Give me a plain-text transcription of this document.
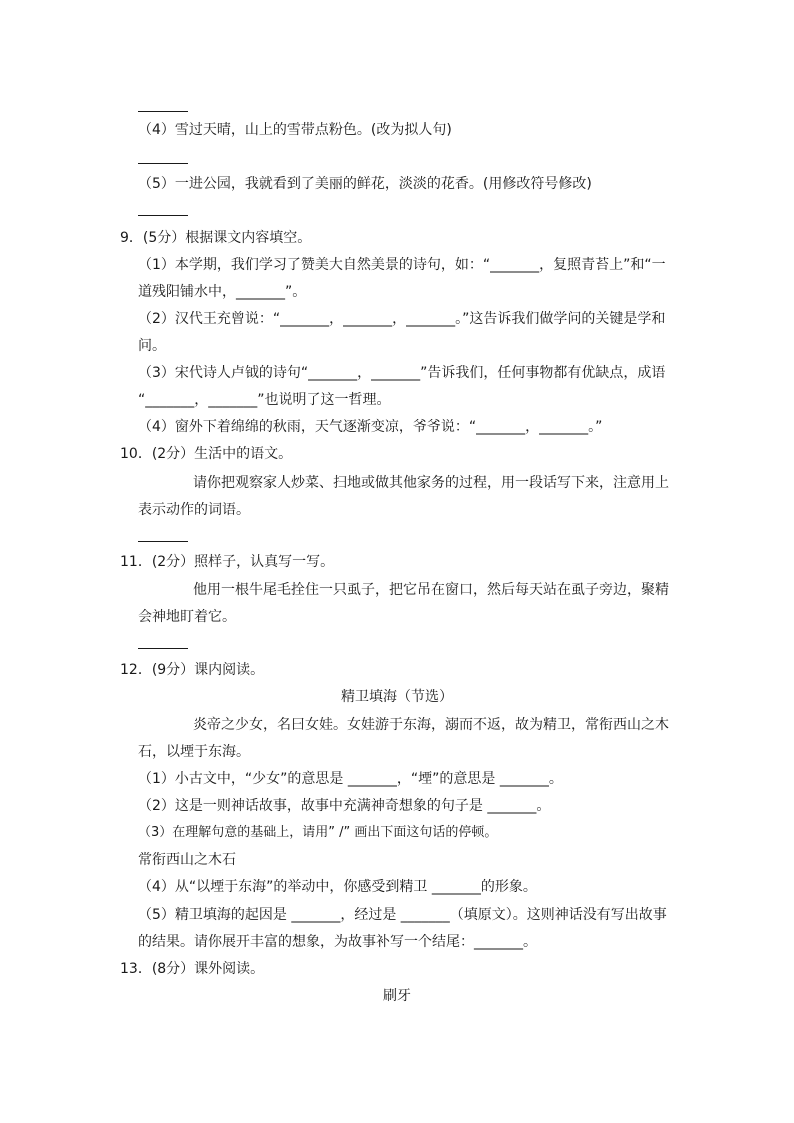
（4）雪过天晴，山上的雪带点粉色。(改为拟人句)
（5）一进公园，我就看到了美丽的鲜花，淡淡的花香。(用修改符号修改)
9．(5分）根据课文内容填空。
（1）本学期，我们学习了赞美大自然美景的诗句，如：“_______，复照青苔上”和“一
道残阳铺水中，_______”。
（2）汉代王充曾说：“_______，_______，_______。”这告诉我们做学问的关键是学和
问。
（3）宋代诗人卢钺的诗句“_______，_______”告诉我们，任何事物都有优缺点，成语
“_______，_______”也说明了这一哲理。
（4）窗外下着绵绵的秋雨，天气逐渐变凉，爷爷说：“_______，_______。”
10．(2分）生活中的语文。
请你把观察家人炒菜、扫地或做其他家务的过程，用一段话写下来，注意用上
表示动作的词语。
11．(2分）照样子，认真写一写。
他用一根牛尾毛拴住一只虱子，把它吊在窗口，然后每天站在虱子旁边，聚精
会神地盯着它。
12．(9分）课内阅读。
精卫填海（节选）
炎帝之少女，名曰女娃。女娃游于东海，溺而不返，故为精卫，常衔西山之木
石，以堙于东海。
（1）小古文中，“少女”的意思是 _______，“堙”的意思是 _______。
（2）这是一则神话故事，故事中充满神奇想象的句子是 _______。
（3）在理解句意的基础上，请用” /” 画出下面这句话的停顿。
常衔西山之木石
（4）从“以堙于东海”的举动中，你感受到精卫 _______的形象。
（5）精卫填海的起因是 _______，经过是 _______（填原文）。这则神话没有写出故事
的结果。请你展开丰富的想象，为故事补写一个结尾：_______。
13．(8分）课外阅读。
刷牙
